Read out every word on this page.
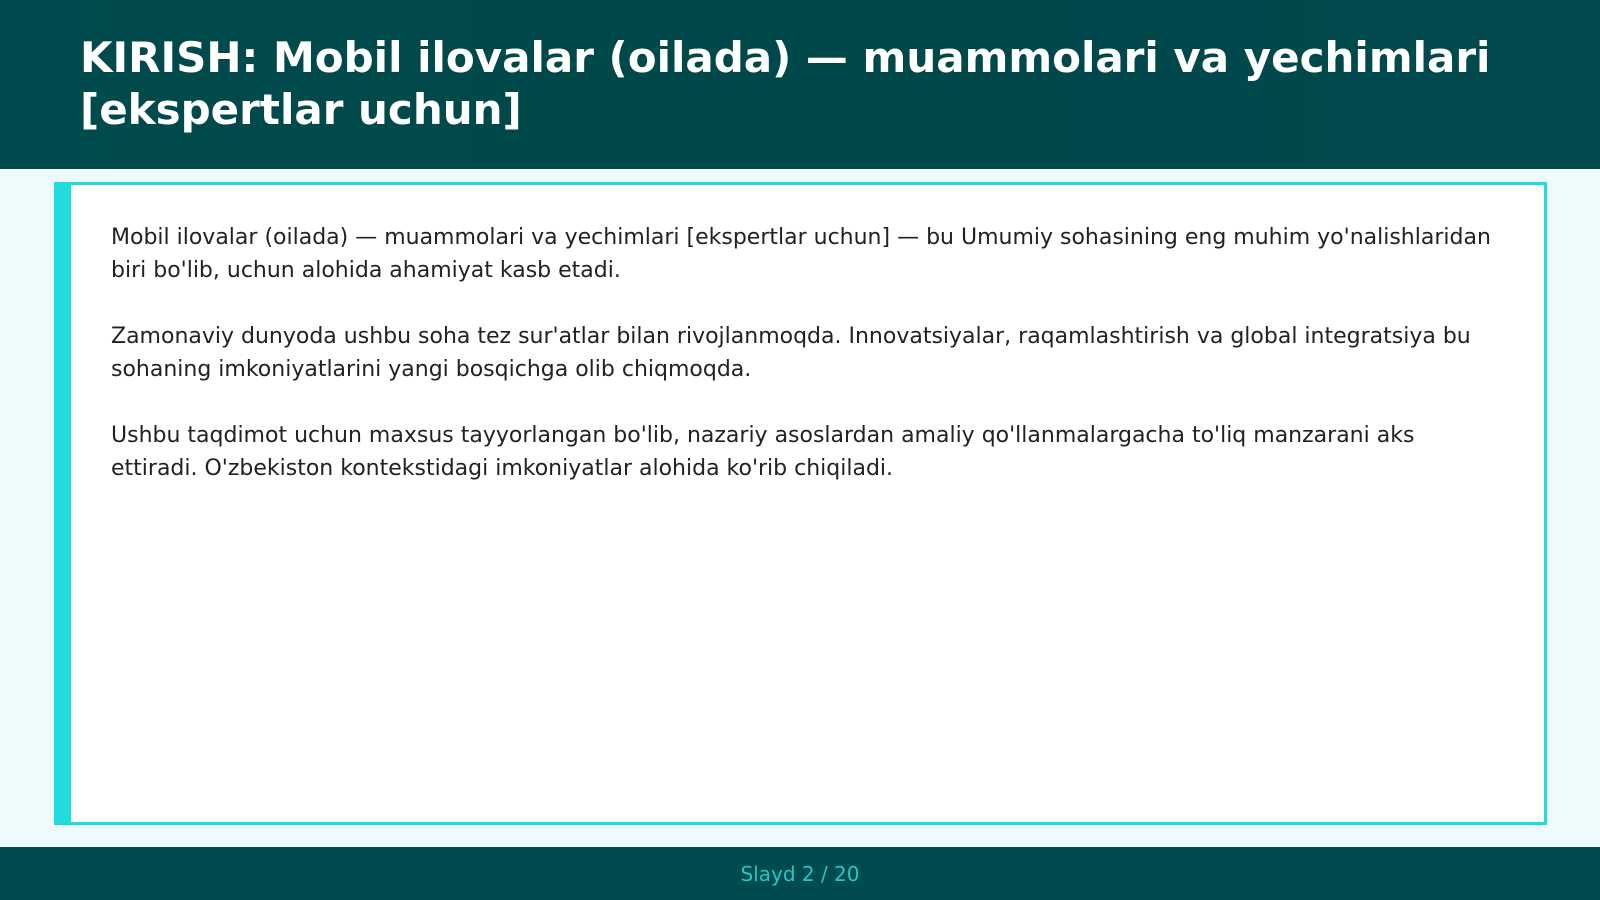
KIRISH: Mobil ilovalar (oilada) — muammolari va yechimlari [ekspertlar uchun]

Mobil ilovalar (oilada) — muammolari va yechimlari [ekspertlar uchun] — bu Umumiy sohasining eng muhim yo'nalishlaridan biri bo'lib, uchun alohida ahamiyat kasb etadi.

Zamonaviy dunyoda ushbu soha tez sur'atlar bilan rivojlanmoqda. Innovatsiyalar, raqamlashtirish va global integratsiya bu sohaning imkoniyatlarini yangi bosqichga olib chiqmoqda.

Ushbu taqdimot uchun maxsus tayyorlangan bo'lib, nazariy asoslardan amaliy qo'llanmalargacha to'liq manzarani aks ettiradi. O'zbekiston kontekstidagi imkoniyatlar alohida ko'rib chiqiladi.

Slayd 2 / 20
